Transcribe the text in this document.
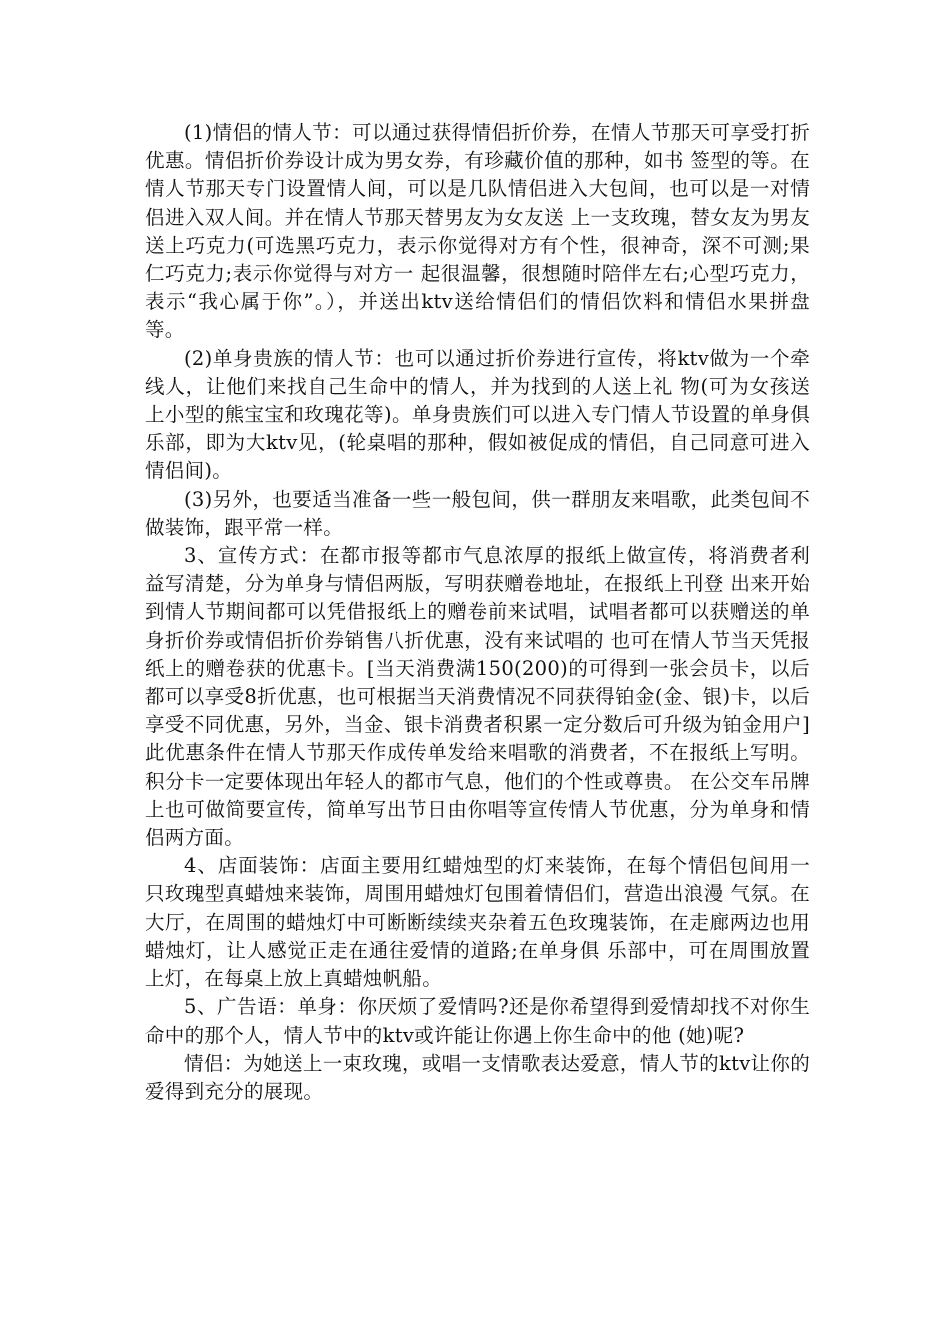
(1)情侣的情人节：可以通过获得情侣折价券，在情人节那天可享受打折优惠。情侣折价券设计成为男女券，有珍藏价值的那种，如书 签型的等。在情人节那天专门设置情人间，可以是几队情侣进入大包间，也可以是一对情侣进入双人间。并在情人节那天替男友为女友送 上一支玫瑰，替女友为男友送上巧克力(可选黑巧克力，表示你觉得对方有个性，很神奇，深不可测;果仁巧克力;表示你觉得与对方一 起很温馨，很想随时陪伴左右;心型巧克力，表示“我心属于你”。），并送出ktv送给情侣们的情侣饮料和情侣水果拼盘等。

(2)单身贵族的情人节：也可以通过折价券进行宣传，将ktv做为一个牵线人，让他们来找自己生命中的情人，并为找到的人送上礼 物(可为女孩送上小型的熊宝宝和玫瑰花等)。单身贵族们可以进入专门情人节设置的单身俱乐部，即为大ktv见，(轮桌唱的那种，假如被促成的情侣，自己同意可进入情侣间)。

(3)另外，也要适当准备一些一般包间，供一群朋友来唱歌，此类包间不做装饰，跟平常一样。

3、宣传方式：在都市报等都市气息浓厚的报纸上做宣传，将消费者利益写清楚，分为单身与情侣两版，写明获赠卷地址，在报纸上刊登 出来开始到情人节期间都可以凭借报纸上的赠卷前来试唱，试唱者都可以获赠送的单身折价券或情侣折价券销售八折优惠，没有来试唱的 也可在情人节当天凭报纸上的赠卷获的优惠卡。[当天消费满150(200)的可得到一张会员卡，以后都可以享受8折优惠，也可根据当天消费情况不同获得铂金(金、银)卡，以后享受不同优惠，另外，当金、银卡消费者积累一定分数后可升级为铂金用户]此优惠条件在情人节那天作成传单发给来唱歌的消费者，不在报纸上写明。积分卡一定要体现出年轻人的都市气息，他们的个性或尊贵。 在公交车吊牌上也可做简要宣传，简单写出节日由你唱等宣传情人节优惠，分为单身和情侣两方面。

4、店面装饰：店面主要用红蜡烛型的灯来装饰，在每个情侣包间用一只玫瑰型真蜡烛来装饰，周围用蜡烛灯包围着情侣们，营造出浪漫 气氛。在大厅，在周围的蜡烛灯中可断断续续夹杂着五色玫瑰装饰，在走廊两边也用蜡烛灯，让人感觉正走在通往爱情的道路;在单身俱 乐部中，可在周围放置上灯，在每桌上放上真蜡烛帆船。

5、广告语：单身：你厌烦了爱情吗?还是你希望得到爱情却找不对你生命中的那个人，情人节中的ktv或许能让你遇上你生命中的他 (她)呢?

情侣：为她送上一束玫瑰，或唱一支情歌表达爱意，情人节的ktv让你的爱得到充分的展现。
